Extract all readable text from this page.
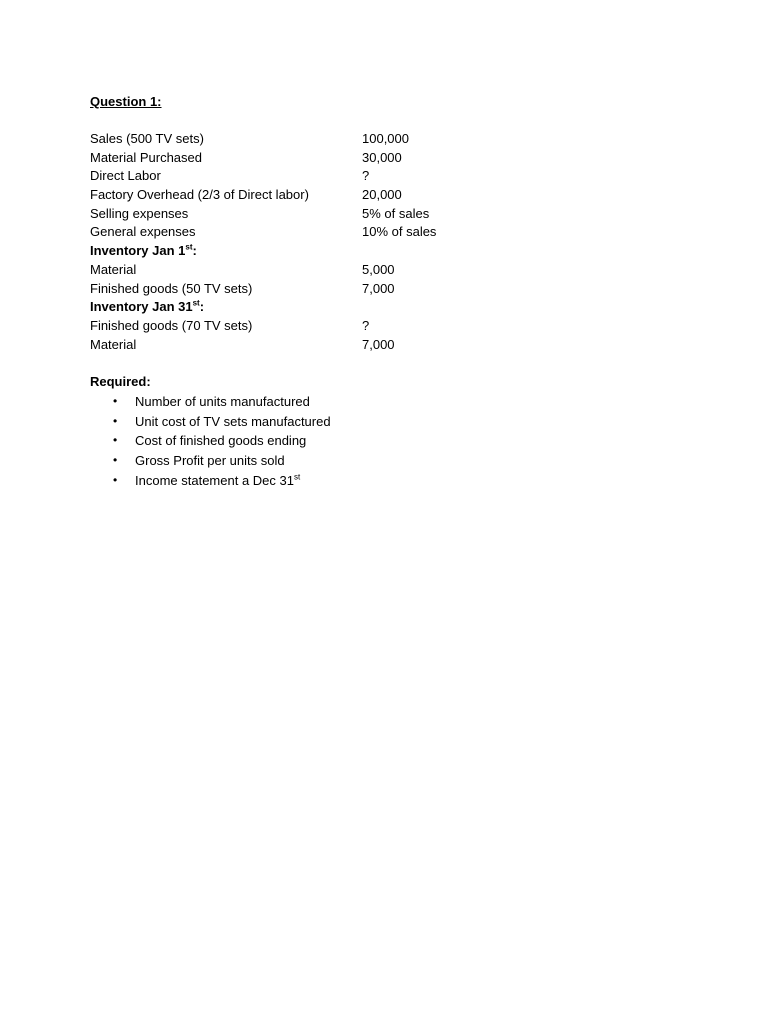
Question 1:
Sales (500 TV sets)	100,000
Material Purchased	30,000
Direct Labor	?
Factory Overhead (2/3 of Direct labor)	20,000
Selling expenses	5% of sales
General expenses	10% of sales
Inventory Jan 1st:
Material	5,000
Finished goods (50 TV sets)	7,000
Inventory Jan 31st:
Finished goods (70 TV sets)	?
Material	7,000
Required:
• Number of units manufactured
• Unit cost of TV sets manufactured
• Cost of finished goods ending
• Gross Profit per units sold
• Income statement a Dec 31st
